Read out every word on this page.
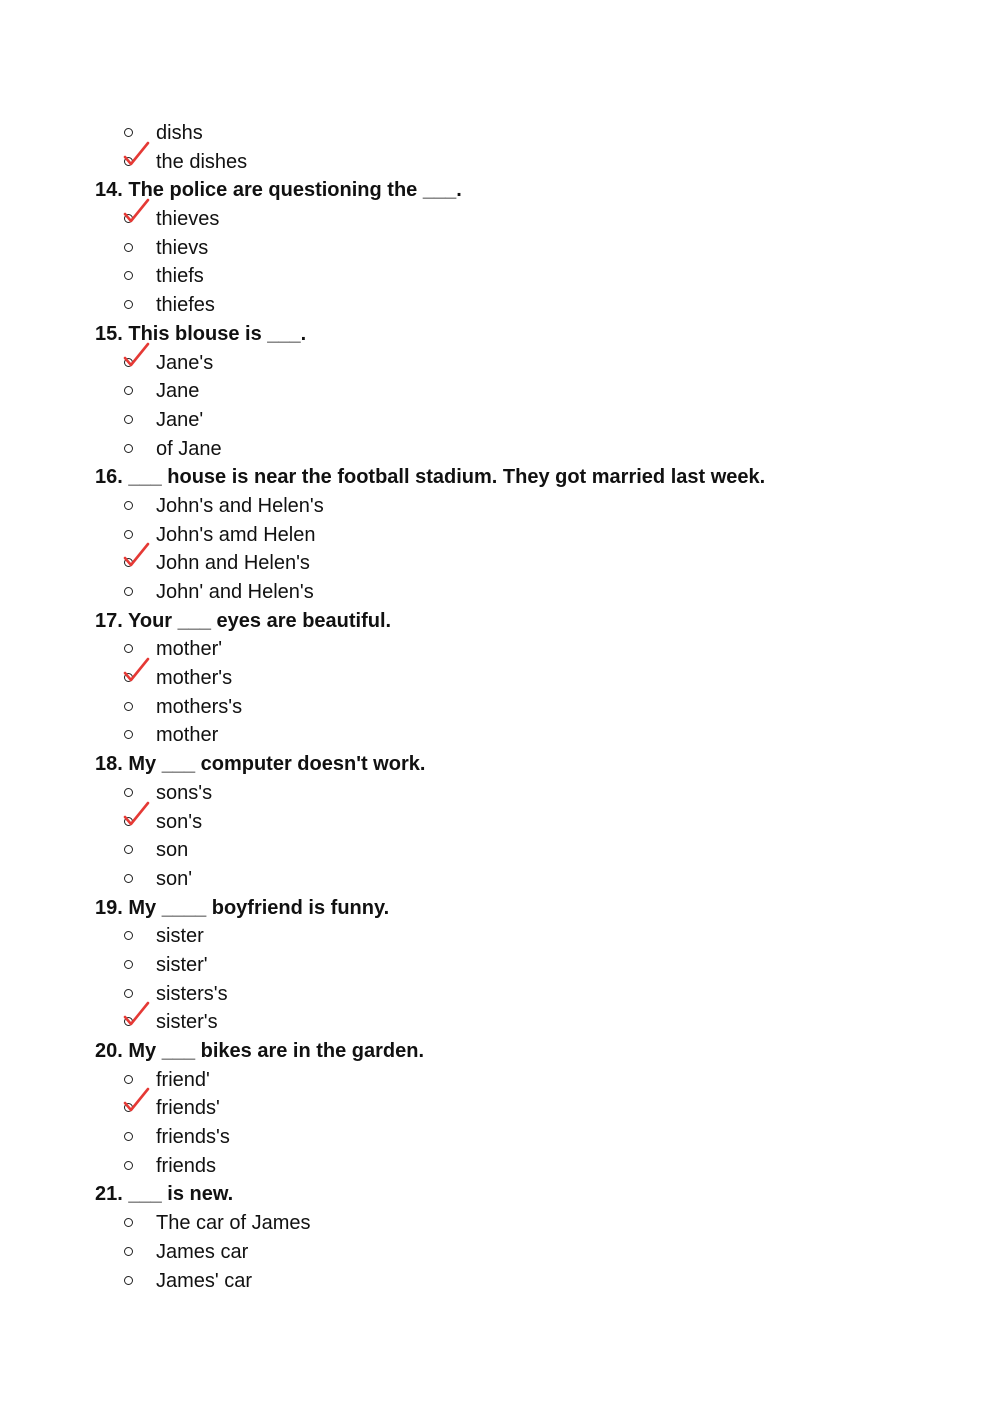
dishs
the dishes
14. The police are questioning the ___.
thieves
thievs
thiefs
thiefes
15. This blouse is ___.
Jane's
Jane
Jane'
of Jane
16. ___ house is near the football stadium. They got married last week.
John's and Helen's
John's amd Helen
John and Helen's
John' and Helen's
17. Your ___ eyes are beautiful.
mother'
mother's
mothers's
mother
18. My ___ computer doesn't work.
sons's
son's
son
son'
19. My ____ boyfriend is funny.
sister
sister'
sisters's
sister's
20. My ___ bikes are in the garden.
friend'
friends'
friends's
friends
21. ___ is new.
The car of James
James car
James' car
